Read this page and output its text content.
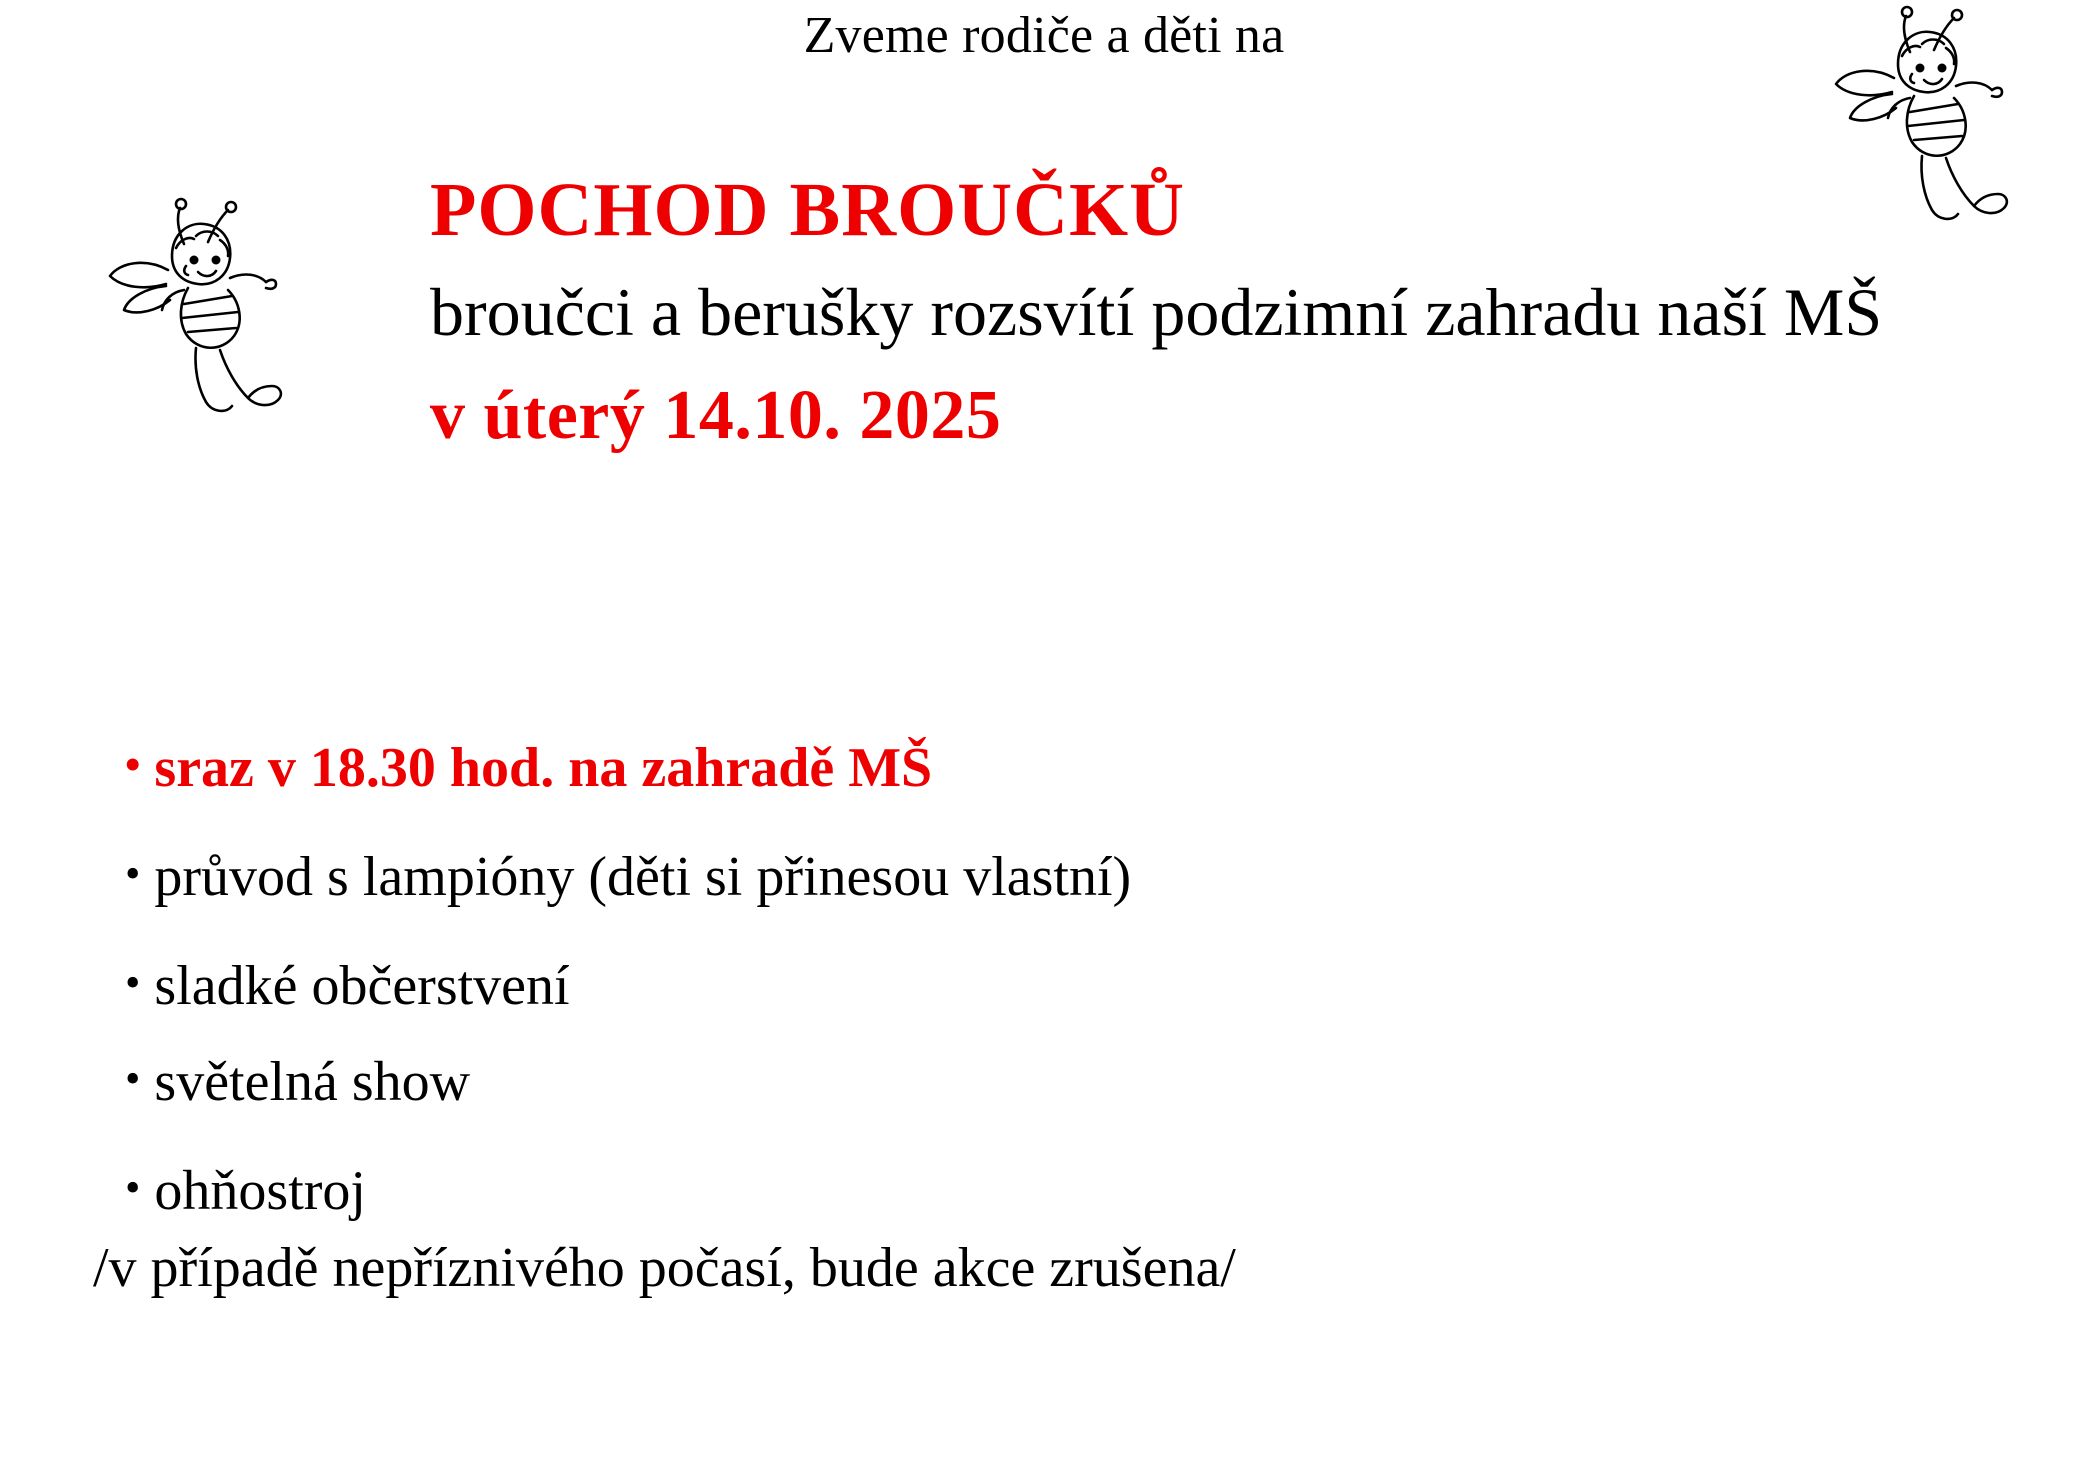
Zveme rodiče a děti na
POCHOD BROUČKŮ
broučci a berušky rozsvítí podzimní zahradu naší MŠ
v úterý 14.10. 2025
• sraz v 18.30 hod. na zahradě MŠ
• průvod s lampióny (děti si přinesou vlastní)
• sladké občerstvení
• světelná show
• ohňostroj
/v případě nepříznivého počasí, bude akce zrušena/
